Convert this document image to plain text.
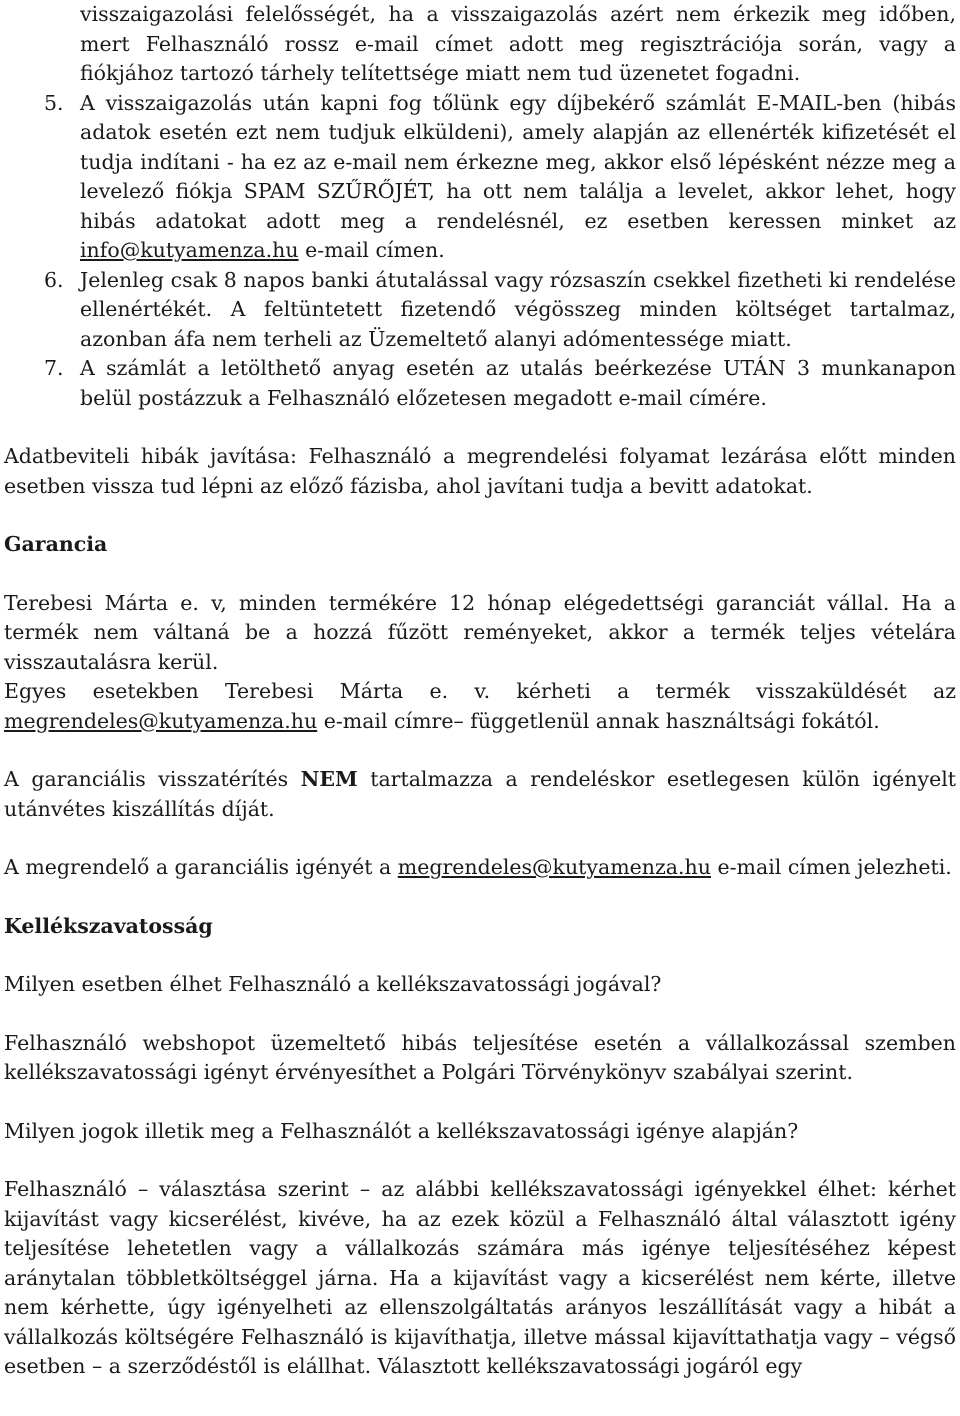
visszaigazolási felelősségét, ha a visszaigazolás azért nem érkezik meg időben, mert Felhasználó rossz e-mail címet adott meg regisztrációja során, vagy a fiókjához tartozó tárhely telítettsége miatt nem tud üzenetet fogadni.

5. A visszaigazolás után kapni fog tőlünk egy díjbekérő számlát E-MAIL-ben (hibás adatok esetén ezt nem tudjuk elküldeni), amely alapján az ellenérték kifizetését el tudja indítani - ha ez az e-mail nem érkezne meg, akkor első lépésként nézze meg a levelező fiókja SPAM SZŰRŐJÉT, ha ott nem találja a levelet, akkor lehet, hogy hibás adatokat adott meg a rendelésnél, ez esetben keressen minket az info@kutyamenza.hu e-mail címen.
6. Jelenleg csak 8 napos banki átutalással vagy rózsaszín csekkel fizetheti ki rendelése ellenértékét. A feltüntetett fizetendő végösszeg minden költséget tartalmaz, azonban áfa nem terheli az Üzemeltető alanyi adómentessége miatt.
7. A számlát a letölthető anyag esetén az utalás beérkezése UTÁN 3 munkanapon belül postázzuk a Felhasználó előzetesen megadott e-mail címére.

Adatbeviteli hibák javítása: Felhasználó a megrendelési folyamat lezárása előtt minden esetben vissza tud lépni az előző fázisba, ahol javítani tudja a bevitt adatokat.

Garancia

Terebesi Márta e. v, minden termékére 12 hónap elégedettségi garanciát vállal. Ha a termék nem váltaná be a hozzá fűzött reményeket, akkor a termék teljes vételára visszautalásra kerül.

Egyes esetekben Terebesi Márta e. v. kérheti a termék visszaküldését az megrendeles@kutyamenza.hu e-mail címre– függetlenül annak használtsági fokától.

A garanciális visszatérítés NEM tartalmazza a rendeléskor esetlegesen külön igényelt utánvétes kiszállítás díját.

A megrendelő a garanciális igényét a megrendeles@kutyamenza.hu e-mail címen jelezheti.

Kellékszavatosság

Milyen esetben élhet Felhasználó a kellékszavatossági jogával?

Felhasználó webshopot üzemeltető hibás teljesítése esetén a vállalkozással szemben kellékszavatossági igényt érvényesíthet a Polgári Törvénykönyv szabályai szerint.

Milyen jogok illetik meg a Felhasználót a kellékszavatossági igénye alapján?

Felhasználó – választása szerint – az alábbi kellékszavatossági igényekkel élhet: kérhet kijavítást vagy kicserélést, kivéve, ha az ezek közül a Felhasználó által választott igény teljesítése lehetetlen vagy a vállalkozás számára más igénye teljesítéséhez képest aránytalan többletköltséggel járna. Ha a kijavítást vagy a kicserélést nem kérte, illetve nem kérhette, úgy igényelheti az ellenszolgáltatás arányos leszállítását vagy a hibát a vállalkozás költségére Felhasználó is kijavíthatja, illetve mással kijavíttathatja vagy – végső esetben – a szerződéstől is elállhat. Választott kellékszavatossági jogáról egy
